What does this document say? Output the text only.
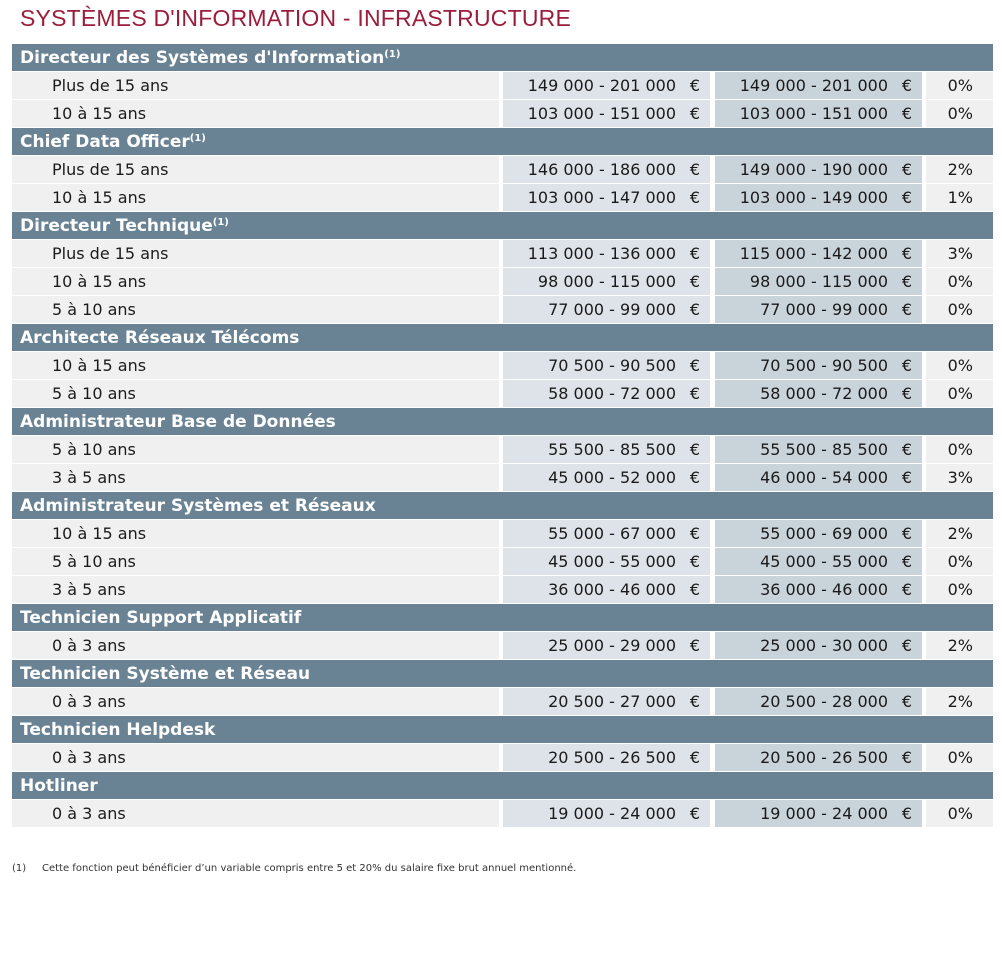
SYSTÈMES D'INFORMATION - INFRASTRUCTURE
Directeur des Systèmes d'Information$^{(1)}$
Plus de 15 ans	149 000 - 201 000 € 149 000 - 201 000 €	0%
10 à 15 ans	103 000 - 151 000 € 103 000 - 151 000 €	0%
Chief Data Officer$^{(1)}$
Plus de 15 ans	146 000 - 186 000 € 149 000 - 190 000 €	2%
10 à 15 ans	103 000 - 147 000 € 103 000 - 149 000 €	1%
Directeur Technique$^{(1)}$
Plus de 15 ans	113 000 - 136 000 € 115 000 - 142 000 €	3%
10 à 15 ans	98 000 - 115 000 €	98 000 - 115 000 €	0%
5 à 10 ans	77 000 - 99 000 €	77 000 - 99 000 €	0%
Architecte Réseaux Télécoms
10 à 15 ans	70 500 - 90 500 €	70 500 - 90 500 €	0%
5 à 10 ans	58 000 - 72 000 €	58 000 - 72 000 €	0%
Administrateur Base de Données
5 à 10 ans	55 500 - 85 500 €	55 500 - 85 500 €	0%
3 à 5 ans	45 000 - 52 000 €	46 000 - 54 000 €	3%
Administrateur Systèmes et Réseaux
10 à 15 ans	55 000 - 67 000 €	55 000 - 69 000 €	2%
5 à 10 ans	45 000 - 55 000 €	45 000 - 55 000 €	0%
3 à 5 ans	36 000 - 46 000 €	36 000 - 46 000 €	0%
Technicien Support Applicatif
0 à 3 ans	25 000 - 29 000 €	25 000 - 30 000 €	2%
Technicien Système et Réseau
0 à 3 ans	20 500 - 27 000 €	20 500 - 28 000 €	2%
Technicien Helpdesk
0 à 3 ans	20 500 - 26 500 €	20 500 - 26 500 €	0%
Hotliner
0 à 3 ans	19 000 - 24 000 €	19 000 - 24 000 €	0%
(1) Cette fonction peut bénéficier d’un variable compris entre 5 et 20% du salaire fixe brut annuel mentionné.
